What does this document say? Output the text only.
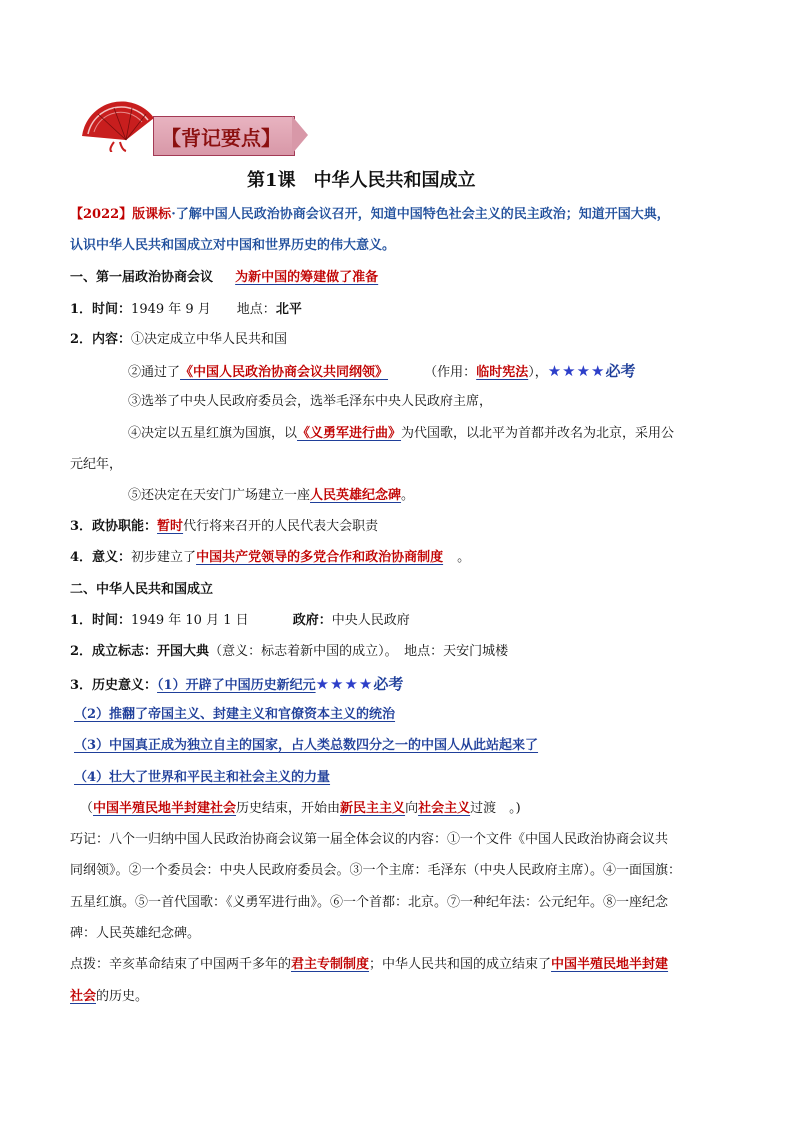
【背记要点】
第1课　中华人民共和国成立
【2022】版课标·了解中国人民政治协商会议召开，知道中国特色社会主义的民主政治；知道开国大典，
认识中华人民共和国成立对中国和世界历史的伟大意义。
一、第一届政治协商会议 为新中国的筹建做了准备
1．时间：1949 年 9 月　　地点：北平
2．内容：①决定成立中华人民共和国
②通过了《中国人民政治协商会议共同纲领》	（作用：临时宪法），★★★★必考
③选举了中央人民政府委员会，选举毛泽东中央人民政府主席，
④决定以五星红旗为国旗，以《义勇军进行曲》为代国歌，以北平为首都并改名为北京，采用公
元纪年，
⑤还决定在天安门广场建立一座人民英雄纪念碑。
3．政协职能：暂时代行将来召开的人民代表大会职责
4．意义：初步建立了中国共产党领导的多党合作和政治协商制度 。
二、中华人民共和国成立
1．时间：1949 年 10 月 1 日	政府：中央人民政府
2．成立标志：开国大典（意义：标志着新中国的成立）。　地点：天安门城楼
3．历史意义：（1）开辟了中国历史新纪元★★★★必考
（2）推翻了帝国主义、封建主义和官僚资本主义的统治
（3）中国真正成为独立自主的国家，占人类总数四分之一的中国人从此站起来了
（4）壮大了世界和平民主和社会主义的力量
（中国半殖民地半封建社会历史结束，开始由新民主主义向社会主义过渡　。)
巧记：八个一归纳中国人民政治协商会议第一届全体会议的内容：①一个文件《中国人民政治协商会议共
同纲领》。②一个委员会：中央人民政府委员会。③一个主席：毛泽东（中央人民政府主席）。④一面国旗：
五星红旗。⑤一首代国歌：《义勇军进行曲》。⑥一个首都：北京。⑦一种纪年法：公元纪年。⑧一座纪念
碑：人民英雄纪念碑。
点拨：辛亥革命结束了中国两千多年的君主专制制度；中华人民共和国的成立结束了中国半殖民地半封建
社会的历史。
